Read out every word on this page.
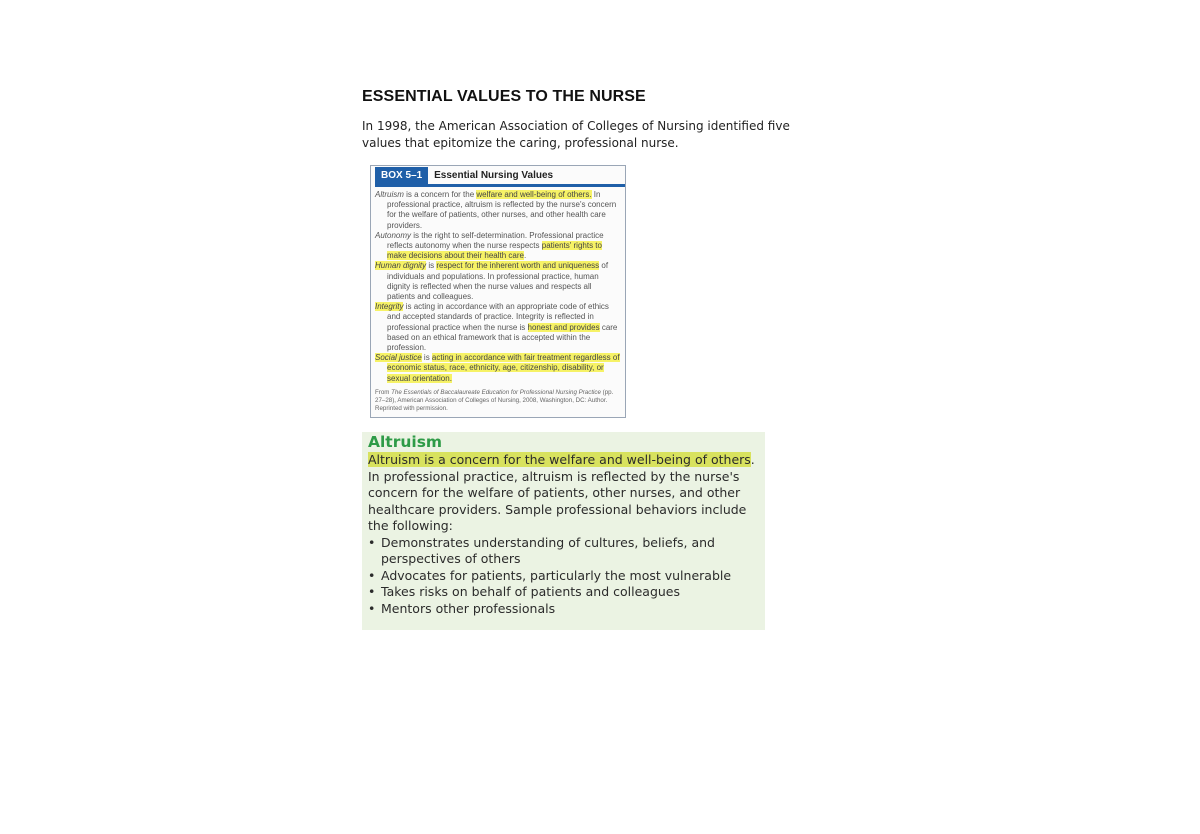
ESSENTIAL VALUES TO THE NURSE

In 1998, the American Association of Colleges of Nursing identified five values that epitomize the caring, professional nurse.

BOX 5–1	Essential Nursing Values

Altruism is a concern for the welfare and well-being of others. In professional practice, altruism is reflected by the nurse's concern for the welfare of patients, other nurses, and other health care providers.

Autonomy is the right to self-determination. Professional practice reflects autonomy when the nurse respects patients' rights to make decisions about their health care.

Human dignity is respect for the inherent worth and uniqueness of individuals and populations. In professional practice, human dignity is reflected when the nurse values and respects all patients and colleagues.

Integrity is acting in accordance with an appropriate code of ethics and accepted standards of practice. Integrity is reflected in professional practice when the nurse is honest and provides care based on an ethical framework that is accepted within the profession.

Social justice is acting in accordance with fair treatment regardless of economic status, race, ethnicity, age, citizenship, disability, or sexual orientation.

From The Essentials of Baccalaureate Education for Professional Nursing Practice (pp. 27–28), American Association of Colleges of Nursing, 2008, Washington, DC: Author. Reprinted with permission.

Altruism

Altruism is a concern for the welfare and well-being of others.

In professional practice, altruism is reflected by the nurse's concern for the welfare of patients, other nurses, and other healthcare providers. Sample professional behaviors include the following:

• Demonstrates understanding of cultures, beliefs, and perspectives of others
• Advocates for patients, particularly the most vulnerable
• Takes risks on behalf of patients and colleagues
• Mentors other professionals
